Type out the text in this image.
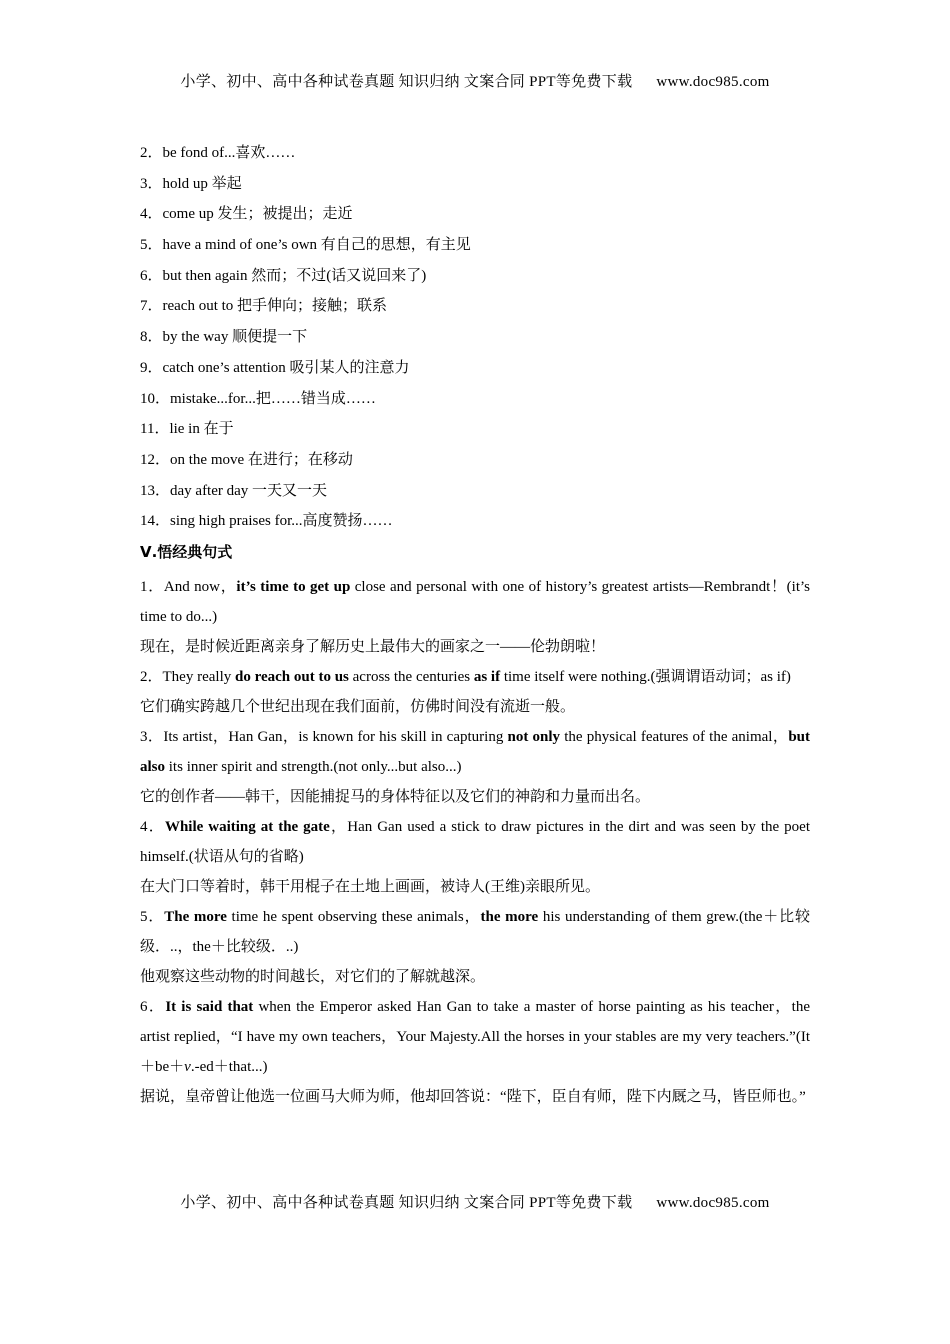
小学、初中、高中各种试卷真题 知识归纳 文案合同 PPT等免费下载 www.doc985.com
2．be fond of...喜欢……
3．hold up 举起
4．come up 发生；被提出；走近
5．have a mind of one’s own 有自己的思想，有主见
6．but then again 然而；不过(话又说回来了)
7．reach out to 把手伸向；接触；联系
8．by the way 顺便提一下
9．catch one’s attention 吸引某人的注意力
10．mistake...for...把……错当成……
11．lie in 在于
12．on the move 在进行；在移动
13．day after day 一天又一天
14．sing high praises for...高度赞扬……
Ⅴ.悟经典句式
1．And now，it’s time to get up close and personal with one of history’s greatest artists—Rembrandt！(it’s time to do...)
现在，是时候近距离亲身了解历史上最伟大的画家之一——伦勃朗啦！
2．They really do reach out to us across the centuries as if time itself were nothing.(强调谓语动词；as if)
它们确实跨越几个世纪出现在我们面前，仿佛时间没有流逝一般。
3．Its artist，Han Gan，is known for his skill in capturing not only the physical features of the animal，but also its inner spirit and strength.(not only...but also...)
它的创作者——韩干，因能捕捉马的身体特征以及它们的神韵和力量而出名。
4．While waiting at the gate，Han Gan used a stick to draw pictures in the dirt and was seen by the poet himself.(状语从句的省略)
在大门口等着时，韩干用棍子在土地上画画，被诗人(王维)亲眼所见。
5．The more time he spent observing these animals，the more his understanding of them grew.(the＋比较级．..，the＋比较级．..)
他观察这些动物的时间越长，对它们的了解就越深。
6．It is said that when the Emperor asked Han Gan to take a master of horse painting as his teacher，the artist replied，“I have my own teachers，Your Majesty.All the horses in your stables are my very teachers.”(It＋be＋v.-ed＋that...)
据说，皇帝曾让他选一位画马大师为师，他却回答说：“陛下，臣自有师，陛下内厩之马，皆臣师也。”
小学、初中、高中各种试卷真题 知识归纳 文案合同 PPT等免费下载 www.doc985.com
